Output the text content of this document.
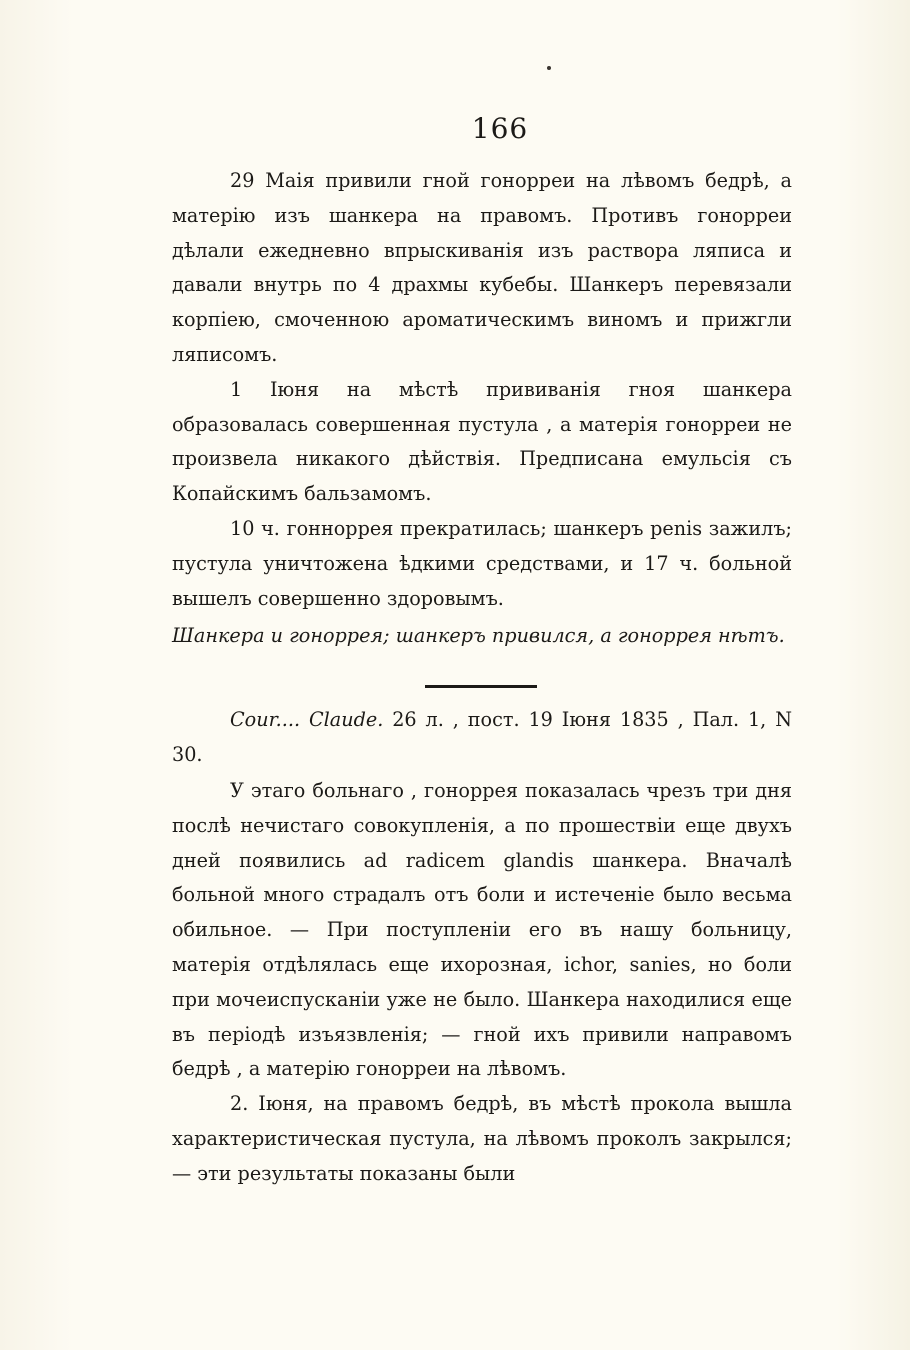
166

29 Маія привили гной гонорреи на лѣвомъ бедрѣ, а матерію изъ шанкера на правомъ. Противъ гонорреи дѣлали ежедневно впрыскиванія изъ раствора ляписа и давали внутрь по 4 драхмы кубебы. Шанкеръ перевязали корпіею, смоченною ароматическимъ виномъ и прижгли ляписомъ.

1 Іюня на мѣстѣ прививанія гноя шанкера образовалась совершенная пустула , а матерія гонорреи не произвела никакого дѣйствія. Предписана емульсія съ Копайскимъ бальзамомъ.

10 ч. гонноррея прекратилась; шанкеръ penis зажилъ; пустула уничтожена ѣдкими средствами, и 17 ч. больной вышелъ совершенно здоровымъ.

Шанкера и гоноррея; шанкеръ привился, а гоноррея нѣтъ.
Cour.... Claude. 26 л. , пост. 19 Іюня 1835 , Пал. 1, N 30.

У этаго больнаго , гоноррея показалась чрезъ три дня послѣ нечистаго совокупленія, а по прошествіи еще двухъ дней появились ad radicem glandis шанкера. Вначалѣ больной много страдалъ отъ боли и истеченіе было весьма обильное. — При поступленіи его въ нашу больницу, матерія отдѣлялась еще ихорозная, ichor, sanies, но боли при мочеиспусканіи уже не было. Шанкера находилися еще въ періодѣ изъязвленія; — гной ихъ привили направомъ бедрѣ , а матерію гонорреи на лѣвомъ.

2. Іюня, на правомъ бедрѣ, въ мѣстѣ прокола вышла характеристическая пустула, на лѣвомъ проколъ закрылся; — эти результаты показаны были
